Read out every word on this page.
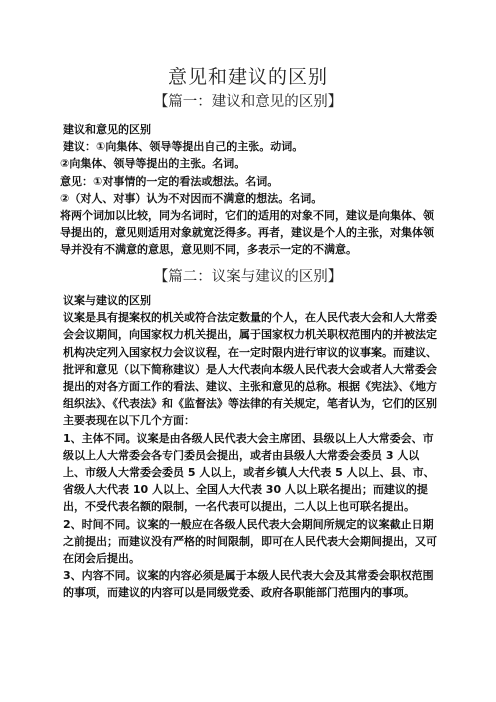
意见和建议的区别
【篇一：建议和意见的区别】

建议和意见的区别

建议：①向集体、领导等提出自己的主张。动词。

②向集体、领导等提出的主张。名词。

意见：①对事情的一定的看法或想法。名词。

②（对人、对事）认为不对因而不满意的想法。名词。

将两个词加以比较，同为名词时，它们的适用的对象不同，建议是向集体、领导提出的，意见则适用对象就宽泛得多。再者，建议是个人的主张，对集体领导并没有不满意的意思，意见则不同，多表示一定的不满意。

【篇二：议案与建议的区别】

议案与建议的区别

议案是具有提案权的机关或符合法定数量的个人，在人民代表大会和人大常委会会议期间，向国家权力机关提出，属于国家权力机关职权范围内的并被法定机构决定列入国家权力会议议程，在一定时限内进行审议的议事案。而建议、批评和意见（以下简称建议）是人大代表向本级人民代表大会或者人大常委会提出的对各方面工作的看法、建议、主张和意见的总称。根据《宪法》、《地方组织法》、《代表法》和《监督法》等法律的有关规定，笔者认为，它们的区别主要表现在以下几个方面：

1、主体不同。议案是由各级人民代表大会主席团、县级以上人大常委会、市级以上人大常委会各专门委员会提出，或者由县级人大常委会委员 3 人以上、市级人大常委会委员 5 人以上，或者乡镇人大代表 5 人以上、县、市、省级人大代表 10 人以上、全国人大代表 30 人以上联名提出；而建议的提出，不受代表名额的限制，一名代表可以提出，二人以上也可联名提出。

2、时间不同。议案的一般应在各级人民代表大会期间所规定的议案截止日期之前提出；而建议没有严格的时间限制，即可在人民代表大会期间提出，又可在闭会后提出。

3、内容不同。议案的内容必须是属于本级人民代表大会及其常委会职权范围的事项，而建议的内容可以是同级党委、政府各职能部门范围内的事项。
